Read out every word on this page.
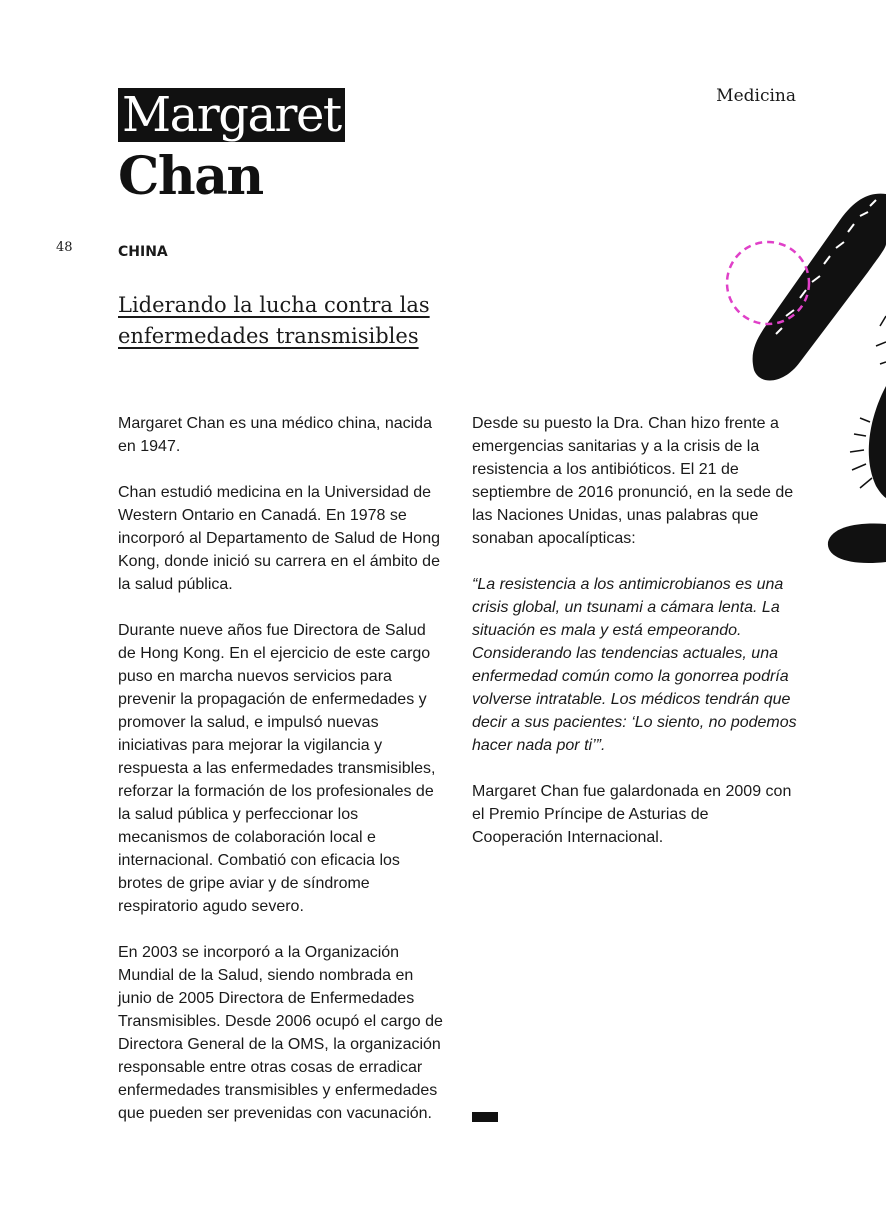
Medicina
Margaret
Chan
48	CHINA
Liderando la lucha contra las enfermedades transmisibles

Margaret Chan es una médico china, nacida en 1947.

Chan estudió medicina en la Universidad de Western Ontario en Canadá. En 1978 se incorporó al Departamento de Salud de Hong Kong, donde inició su carrera en el ámbito de la salud pública.

Durante nueve años fue Directora de Salud de Hong Kong. En el ejercicio de este cargo puso en marcha nuevos servicios para prevenir la propagación de enfermedades y promover la salud, e impulsó nuevas iniciativas para mejorar la vigilancia y respuesta a las enfermedades transmisibles, reforzar la formación de los profesionales de la salud pública y perfeccionar los mecanismos de colaboración local e internacional. Combatió con eficacia los brotes de gripe aviar y de síndrome respiratorio agudo severo.

En 2003 se incorporó a la Organización Mundial de la Salud, siendo nombrada en junio de 2005 Directora de Enfermedades Transmisibles. Desde 2006 ocupó el cargo de Directora General de la OMS, la organización responsable entre otras cosas de erradicar enfermedades transmisibles y enfermedades que pueden ser prevenidas con vacunación.

Desde su puesto la Dra. Chan hizo frente a emergencias sanitarias y a la crisis de la resistencia a los antibióticos. El 21 de septiembre de 2016 pronunció, en la sede de las Naciones Unidas, unas palabras que sonaban apocalípticas:

“La resistencia a los antimicrobianos es una crisis global, un tsunami a cámara lenta. La situación es mala y está empeorando. Considerando las tendencias actuales, una enfermedad común como la gonorrea podría volverse intratable. Los médicos tendrán que decir a sus pacientes: ‘Lo siento, no podemos hacer nada por ti’”.

Margaret Chan fue galardonada en 2009 con el Premio Príncipe de Asturias de Cooperación Internacional.
